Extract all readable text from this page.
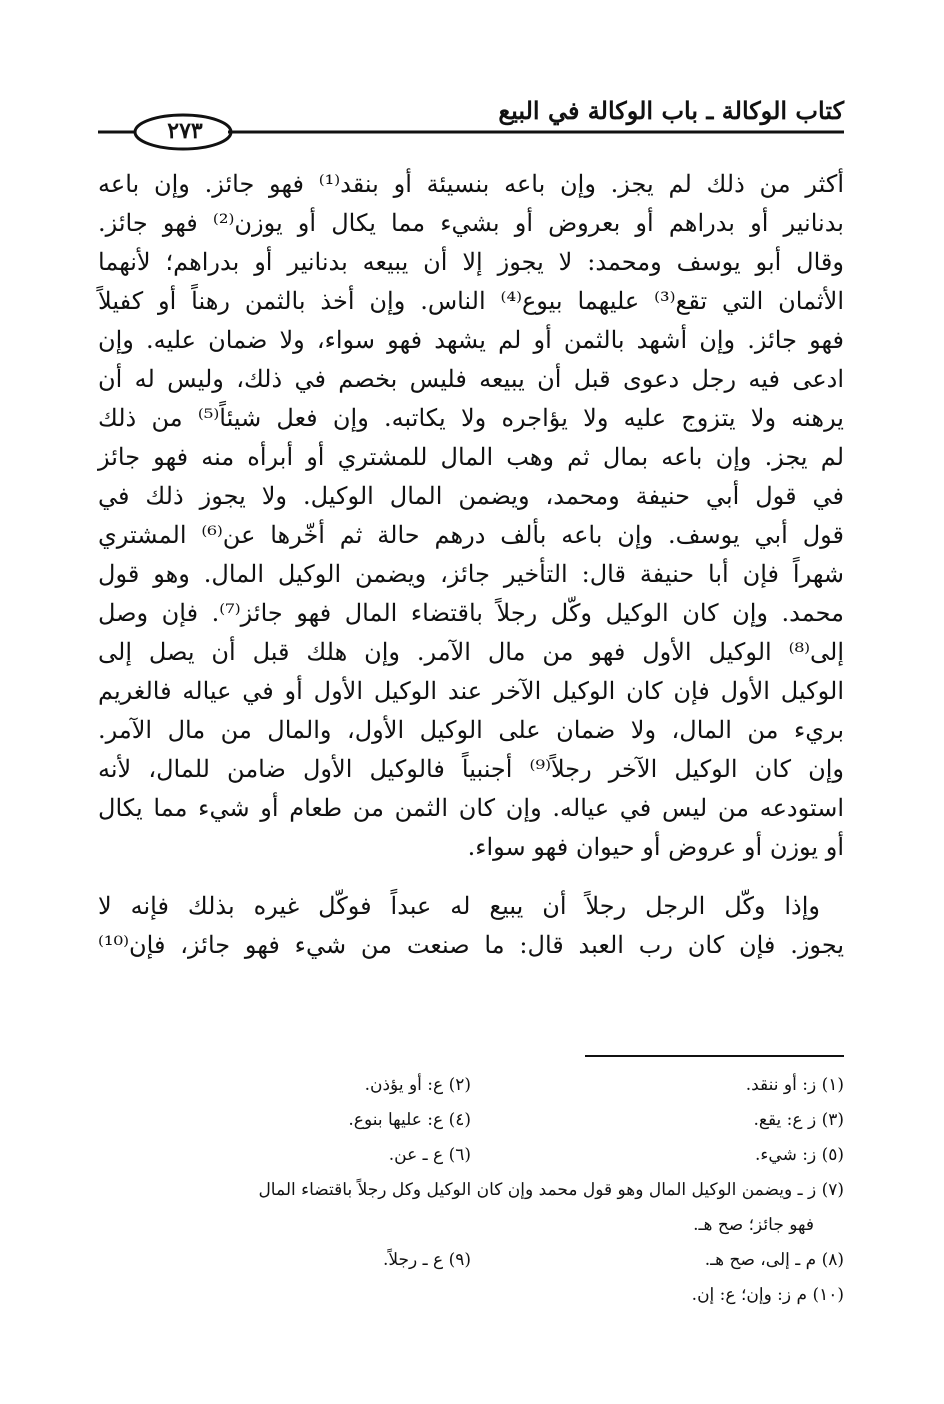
كتاب الوكالة ـ باب الوكالة في البيع
٢٧٣
أكثر من ذلك لم يجز. وإن باعه بنسيئة أو بنقد⁽¹⁾ فهو جائز. وإن باعه
بدنانير أو بدراهم أو بعروض أو بشيء مما يكال أو يوزن⁽²⁾ فهو جائز.
وقال أبو يوسف ومحمد: لا يجوز إلا أن يبيعه بدنانير أو بدراهم؛ لأنهما
الأثمان التي تقع⁽³⁾ عليهما بيوع⁽⁴⁾ الناس. وإن أخذ بالثمن رهناً أو كفيلاً
فهو جائز. وإن أشهد بالثمن أو لم يشهد فهو سواء، ولا ضمان عليه. وإن
ادعى فيه رجل دعوى قبل أن يبيعه فليس بخصم في ذلك، وليس له أن
يرهنه ولا يتزوج عليه ولا يؤاجره ولا يكاتبه. وإن فعل شيئاً⁽⁵⁾ من ذلك
لم يجز. وإن باعه بمال ثم وهب المال للمشتري أو أبرأه منه فهو جائز
في قول أبي حنيفة ومحمد، ويضمن المال الوكيل. ولا يجوز ذلك في
قول أبي يوسف. وإن باعه بألف درهم حالة ثم أخّرها عن⁽⁶⁾ المشتري
شهراً فإن أبا حنيفة قال: التأخير جائز، ويضمن الوكيل المال. وهو قول
محمد. وإن كان الوكيل وكّل رجلاً باقتضاء المال فهو جائز⁽⁷⁾. فإن وصل
إلى⁽⁸⁾ الوكيل الأول فهو من مال الآمر. وإن هلك قبل أن يصل إلى
الوكيل الأول فإن كان الوكيل الآخر عند الوكيل الأول أو في عياله فالغريم
بريء من المال، ولا ضمان على الوكيل الأول، والمال من مال الآمر.
وإن كان الوكيل الآخر رجلاً⁽⁹⁾ أجنبياً فالوكيل الأول ضامن للمال، لأنه
استودعه من ليس في عياله. وإن كان الثمن من طعام أو شيء مما يكال
أو يوزن أو عروض أو حيوان فهو سواء.
وإذا وكّل الرجل رجلاً أن يبيع له عبداً فوكّل غيره بذلك فإنه لا
يجوز. فإن كان رب العبد قال: ما صنعت من شيء فهو جائز، فإن⁽¹⁰⁾
(١) ز: أو ننقد.
(٢) ع: أو يؤذن.
(٣) ز ع: يقع.
(٤) ع: عليها بنوع.
(٥) ز: شيء.
(٦) ع ـ عن.
(٧) ز ـ ويضمن الوكيل المال وهو قول محمد وإن كان الوكيل وكل رجلاً باقتضاء المال
فهو جائز؛ صح هـ.
(٨) م ـ إلى، صح هـ.
(٩) ع ـ رجلاً.
(١٠) م ز: وإن؛ ع: إن.
